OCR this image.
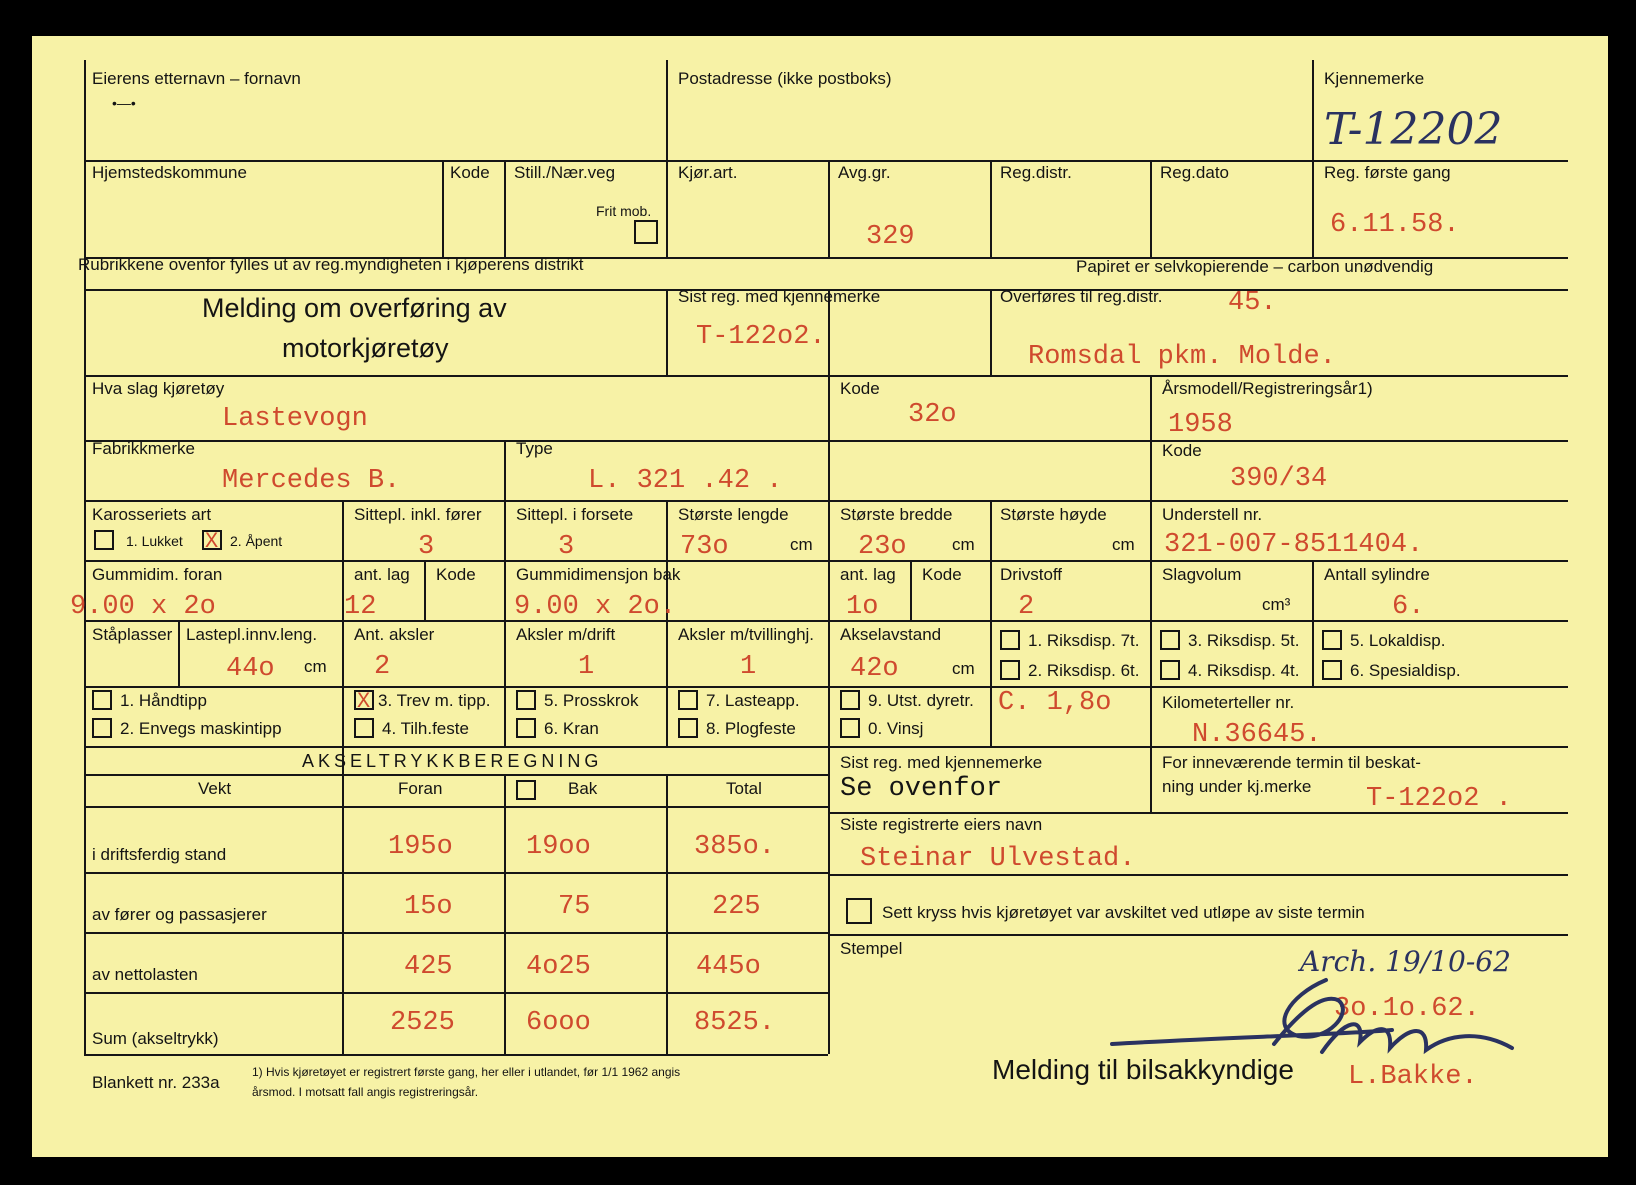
Eierens etternavn – fornavn
•—•
Postadresse (ikke postboks)	Kjennemerke
T-12202
Hjemstedskommune	Kode Still./Nær.veg
Frit mob.
Kjør.art.	Avg.gr.
329
Reg.distr.	Reg.dato	Reg. første gang
6.11.58.
Rubrikkene ovenfor fylles ut av reg.myndigheten i kjøperens distrikt	Papiret er selvkopierende – carbon unødvendig
Melding om overføring av
motorkjøretøy
Sist reg. med kjennemerke
T-122o2.
Overføres til reg.distr. 45.
Romsdal pkm. Molde.
Hva slag kjøretøy
Lastevogn
Kode
32o
Årsmodell/Registreringsår1)
1958
Fabrikkmerke
Mercedes B.
Type
L. 321 .42 .
Kode
390/34
Karosseriets art
1. Lukket
X	2. Åpent
Sittepl. inkl. fører
3
Sittepl. i forsete
3
Største lengde
73o	cm
Største bredde
23o	cm
Største høyde
cm
Understell nr.
321-007-8511404.
Gummidim. foran
9.00 x 2o
ant. lag
12
Kode Gummidimensjon bak
9.00 x 2o.
ant. lag
1o
Kode Drivstoff
2
Slagvolum
cm³
Antall sylindre
6.
Ståplasser Lastepl.innv.leng.
44o cm
Ant. aksler
2
Aksler m/drift
1
Aksler m/tvillinghj.
1
Akselavstand
42o	cm
1. Riksdisp. 7t.
2. Riksdisp. 6t.
3. Riksdisp. 5t.
4. Riksdisp. 4t.
5. Lokaldisp.
6. Spesialdisp.
1. Håndtipp
2. Envegs maskintipp
X
3. Trev m. tipp.
4. Tilh.feste
5. Prosskrok
6. Kran
7. Lasteapp.
8. Plogfeste
9. Utst. dyretr.
0. Vinsj
C. 1,8o	Kilometerteller nr.
N.36645.
AKSELTRYKKBEREGNING
Vekt	Foran	Bak	Total
i driftsferdig stand	195o	19oo	385o.
av fører og passasjerer	15o	75	225
av nettolasten	425	4o25	445o
Sum (akseltrykk)
2525	6ooo	8525.
Sist reg. med kjennemerke
Se ovenfor
For inneværende termin til beskat-
ning under kj.merke T-122o2 .
Siste registrerte eiers navn
Steinar Ulvestad.
Sett kryss hvis kjøretøyet var avskiltet ved utløpe av siste termin
Stempel	Arch. 19/10-62
3o.1o.62.
Melding til bilsakkyndige L.Bakke.
Blankett nr. 233a
1) Hvis kjøretøyet er registrert første gang, her eller i utlandet, før 1/1 1962 angis
årsmod. I motsatt fall angis registreringsår.
